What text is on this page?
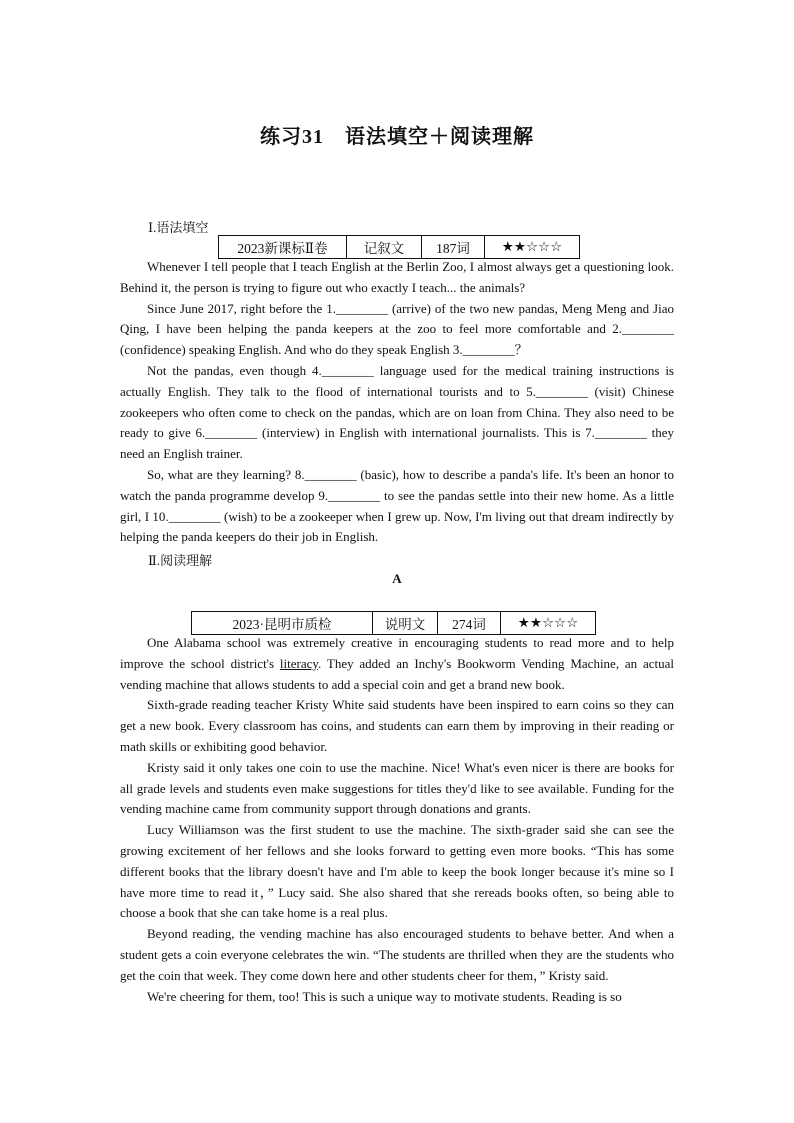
练习31　语法填空＋阅读理解
Ⅰ.语法填空
2023新课标Ⅱ卷	记叙文	187词	★★☆☆☆

Whenever I tell people that I teach English at the Berlin Zoo, I almost always get a questioning look. Behind it, the person is trying to figure out who exactly I teach... the animals?

Since June 2017, right before the 1.________ (arrive) of the two new pandas, Meng Meng and Jiao Qing, I have been helping the panda keepers at the zoo to feel more comfortable and 2.________ (confidence) speaking English. And who do they speak English 3.________？

Not the pandas, even though 4.________ language used for the medical training instructions is actually English. They talk to the flood of international tourists and to 5.________ (visit) Chinese zookeepers who often come to check on the pandas, which are on loan from China. They also need to be ready to give 6.________ (interview) in English with international journalists. This is 7.________ they need an English trainer.

So, what are they learning? 8.________ (basic), how to describe a panda's life. It's been an honor to watch the panda programme develop 9.________ to see the pandas settle into their new home. As a little girl, I 10.________ (wish) to be a zookeeper when I grew up. Now, I'm living out that dream indirectly by helping the panda keepers do their job in English.

Ⅱ.阅读理解
A
2023·昆明市质检	说明文	274词	★★☆☆☆

One Alabama school was extremely creative in encouraging students to read more and to help improve the school district's literacy. They added an Inchy's Bookworm Vending Machine, an actual vending machine that allows students to add a special coin and get a brand new book.

Sixth-grade reading teacher Kristy White said students have been inspired to earn coins so they can get a new book. Every classroom has coins, and students can earn them by improving in their reading or math skills or exhibiting good behavior.

Kristy said it only takes one coin to use the machine. Nice! What's even nicer is there are books for all grade levels and students even make suggestions for titles they'd like to see available. Funding for the vending machine came from community support through donations and grants.

Lucy Williamson was the first student to use the machine. The sixth-grader said she can see the growing excitement of her fellows and she looks forward to getting even more books. “This has some different books that the library doesn't have and I'm able to keep the book longer because it's mine so I have more time to read it，” Lucy said. She also shared that she rereads books often, so being able to choose a book that she can take home is a real plus.

Beyond reading, the vending machine has also encouraged students to behave better. And when a student gets a coin everyone celebrates the win. “The students are thrilled when they are the students who get the coin that week. They come down here and other students cheer for them，” Kristy said.

We're cheering for them, too! This is such a unique way to motivate students. Reading is so
